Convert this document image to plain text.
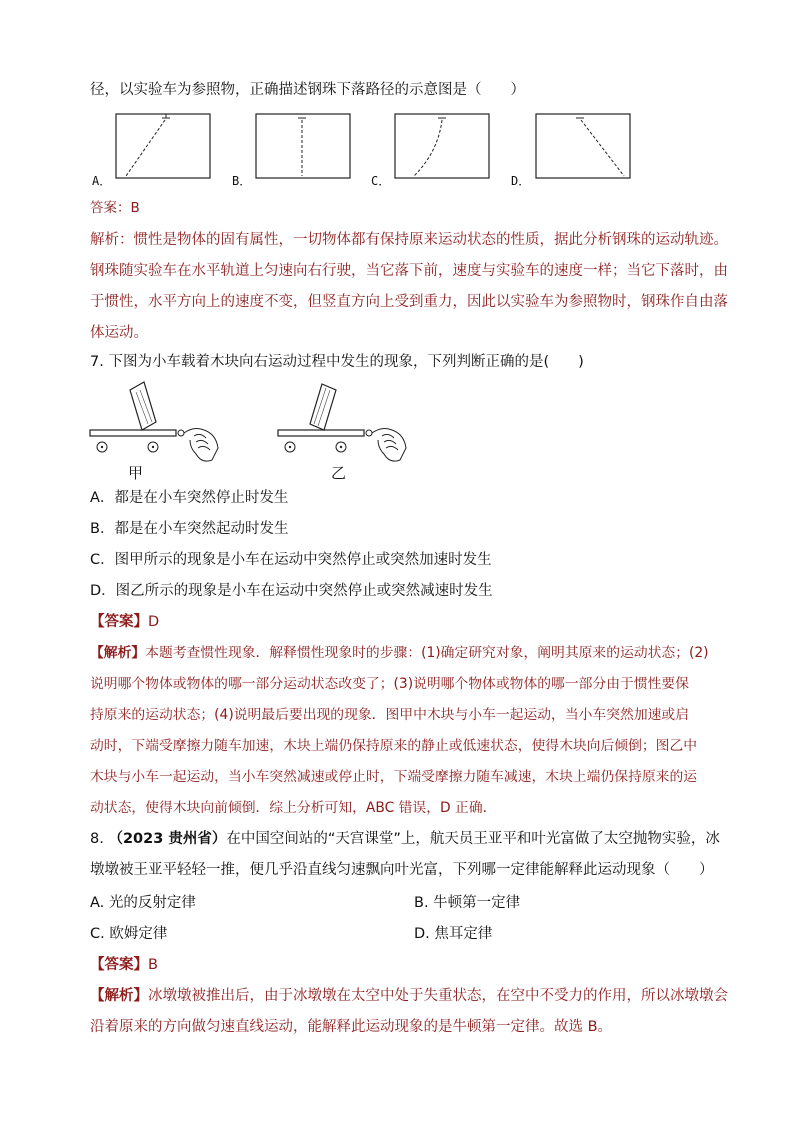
径，以实验车为参照物，正确描述钢珠下落路径的示意图是（　　）
A．	B．	C．	D．
答案：B
解析：惯性是物体的固有属性，一切物体都有保持原来运动状态的性质，据此分析钢珠的运动轨迹。
钢珠随实验车在水平轨道上匀速向右行驶，当它落下前，速度与实验车的速度一样；当它下落时，由
于惯性，水平方向上的速度不变，但竖直方向上受到重力，因此以实验车为参照物时，钢珠作自由落
体运动。
7. 下图为小车载着木块向右运动过程中发生的现象，下列判断正确的是(　　)
甲	乙
A．都是在小车突然停止时发生
B．都是在小车突然起动时发生
C．图甲所示的现象是小车在运动中突然停止或突然加速时发生
D．图乙所示的现象是小车在运动中突然停止或突然减速时发生
【答案】D
【解析】本题考查惯性现象．解释惯性现象时的步骤：(1)确定研究对象，阐明其原来的运动状态；(2)
说明哪个物体或物体的哪一部分运动状态改变了；(3)说明哪个物体或物体的哪一部分由于惯性要保
持原来的运动状态；(4)说明最后要出现的现象．图甲中木块与小车一起运动，当小车突然加速或启
动时，下端受摩擦力随车加速，木块上端仍保持原来的静止或低速状态，使得木块向后倾倒；图乙中
木块与小车一起运动，当小车突然减速或停止时，下端受摩擦力随车减速，木块上端仍保持原来的运
动状态，使得木块向前倾倒．综上分析可知，ABC 错误，D 正确．
8. （2023 贵州省）在中国空间站的“天宫课堂”上，航天员王亚平和叶光富做了太空抛物实验，冰
墩墩被王亚平轻轻一推，便几乎沿直线匀速飘向叶光富，下列哪一定律能解释此运动现象（　　）
A. 光的反射定律	B. 牛顿第一定律
C. 欧姆定律	D. 焦耳定律
【答案】B
【解析】冰墩墩被推出后，由于冰墩墩在太空中处于失重状态，在空中不受力的作用，所以冰墩墩会
沿着原来的方向做匀速直线运动，能解释此运动现象的是牛顿第一定律。故选 B。
